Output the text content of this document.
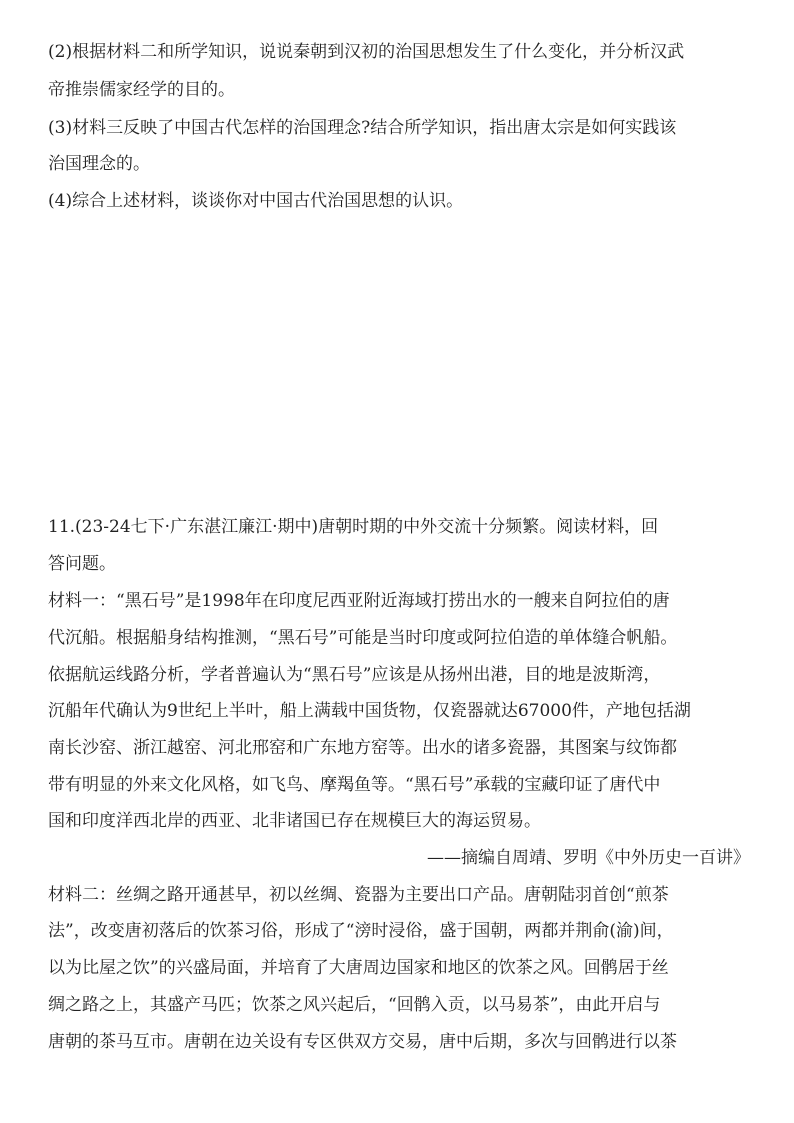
(2)根据材料二和所学知识，说说秦朝到汉初的治国思想发生了什么变化，并分析汉武
帝推崇儒家经学的目的。
(3)材料三反映了中国古代怎样的治国理念?结合所学知识，指出唐太宗是如何实践该
治国理念的。
(4)综合上述材料，谈谈你对中国古代治国思想的认识。
11.(23-24七下·广东湛江廉江·期中)唐朝时期的中外交流十分频繁。阅读材料，回
答问题。
材料一：“黑石号”是1998年在印度尼西亚附近海域打捞出水的一艘来自阿拉伯的唐
代沉船。根据船身结构推测，“黑石号”可能是当时印度或阿拉伯造的单体缝合帆船。
依据航运线路分析，学者普遍认为“黑石号”应该是从扬州出港，目的地是波斯湾，
沉船年代确认为9世纪上半叶，船上满载中国货物，仅瓷器就达67000件，产地包括湖
南长沙窑、浙江越窑、河北邢窑和广东地方窑等。出水的诸多瓷器，其图案与纹饰都
带有明显的外来文化风格，如飞鸟、摩羯鱼等。“黑石号”承载的宝藏印证了唐代中
国和印度洋西北岸的西亚、北非诸国已存在规模巨大的海运贸易。
——摘编自周靖、罗明《中外历史一百讲》
材料二：丝绸之路开通甚早，初以丝绸、瓷器为主要出口产品。唐朝陆羽首创“煎茶
法”，改变唐初落后的饮茶习俗，形成了“滂时浸俗，盛于国朝，两都并荆俞(渝)间，
以为比屋之饮”的兴盛局面，并培育了大唐周边国家和地区的饮茶之风。回鹘居于丝
绸之路之上，其盛产马匹；饮茶之风兴起后，“回鹘入贡，以马易茶”，由此开启与
唐朝的茶马互市。唐朝在边关设有专区供双方交易，唐中后期，多次与回鹘进行以茶
